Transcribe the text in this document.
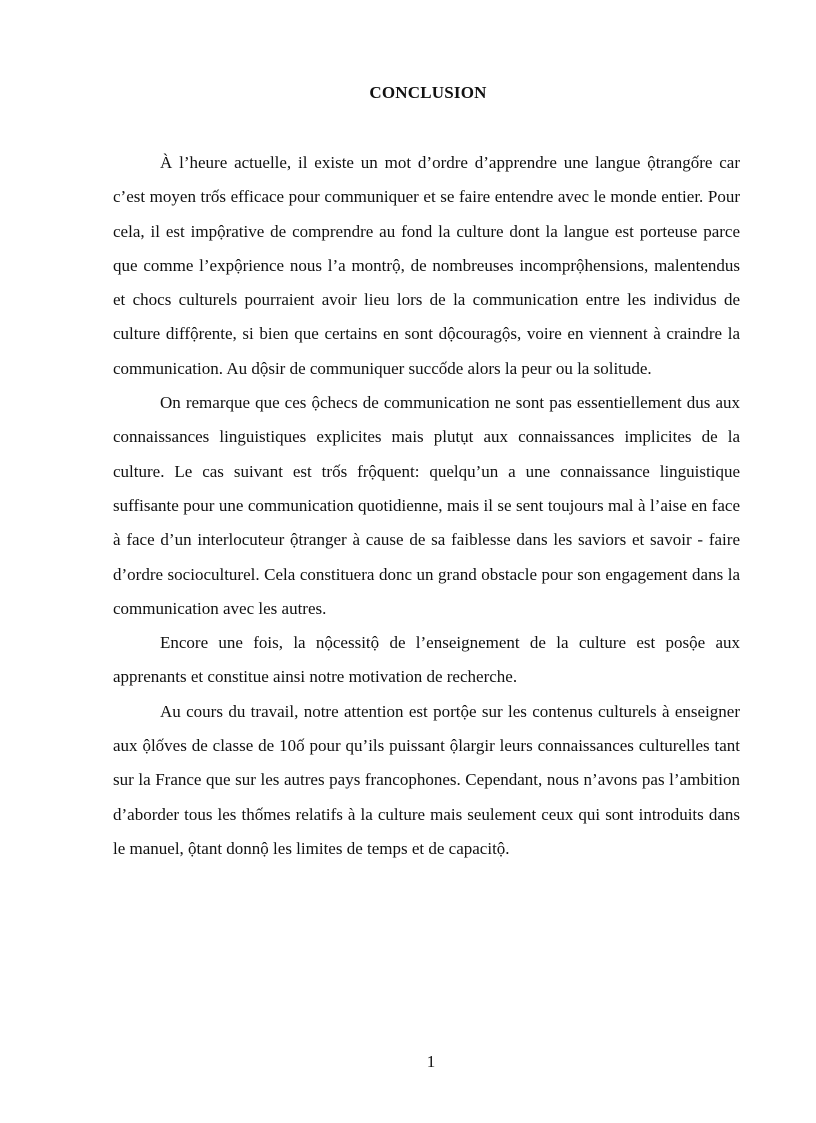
CONCLUSION

À l’heure actuelle, il existe un mot d’ordre d’apprendre une langue ộtrangốre car c’est moyen trốs efficace pour communiquer et se faire entendre avec le monde entier. Pour cela, il est impộrative de comprendre au fond la culture dont la langue est porteuse parce que comme l’expộrience nous l’a montrộ, de nombreuses incomprộhensions, malentendus et chocs culturels pourraient avoir lieu lors de la communication entre les individus de culture diffộrente, si bien que certains en sont dộcouragộs, voire en viennent à craindre la communication. Au dộsir de communiquer succốde alors la peur ou la solitude.

On remarque que ces ộchecs de communication ne sont pas essentiellement dus aux connaissances linguistiques explicites mais plutụt aux connaissances implicites de la culture. Le cas suivant est trốs frộquent: quelqu’un a une connaissance linguistique suffisante pour une communication quotidienne, mais il se sent toujours mal à l’aise en face à face d’un interlocuteur ộtranger à cause de sa faiblesse dans les saviors et savoir - faire d’ordre socioculturel. Cela constituera donc un grand obstacle pour son engagement dans la communication avec les autres.

Encore une fois, la nộcessitộ de l’enseignement de la culture est posộe aux apprenants et constitue ainsi notre motivation de recherche.

Au cours du travail, notre attention est portộe sur les contenus culturels à enseigner aux ộlốves de classe de 10ố pour qu’ils puissant ộlargir leurs connaissances culturelles tant sur la France que sur les autres pays francophones. Cependant, nous n’avons pas l’ambition d’aborder tous les thốmes relatifs à la culture mais seulement ceux qui sont introduits dans le manuel, ộtant donnộ les limites de temps et de capacitộ.

1
